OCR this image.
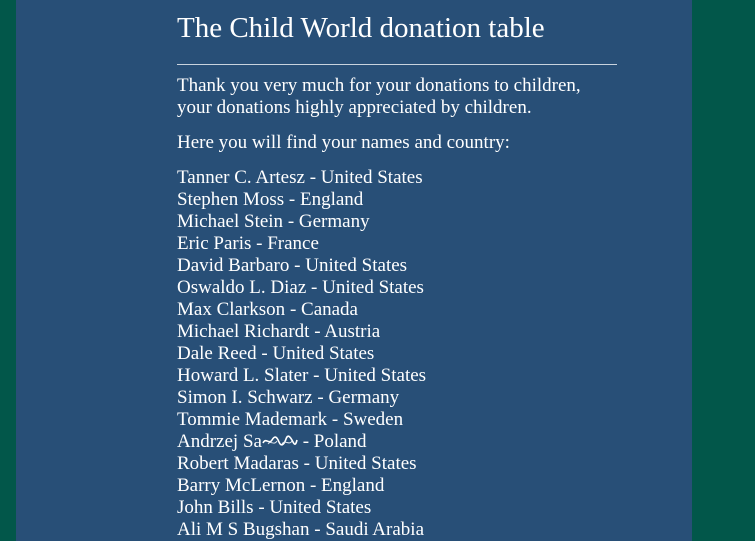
The Child World donation table

Thank you very much for your donations to children,
your donations highly appreciated by children.

Here you will find your names and country:

Tanner C. Artesz - United States
Stephen Moss - England
Michael Stein - Germany
Eric Paris - France
David Barbaro - United States
Oswaldo L. Diaz - United States
Max Clarkson - Canada
Michael Richardt - Austria
Dale Reed - United States
Howard L. Slater - United States
Simon I. Schwarz - Germany
Tommie Mademark - Sweden
Andrzej Sa - Poland
Robert Madaras - United States
Barry McLernon - England
John Bills - United States
Ali M S Bugshan - Saudi Arabia
